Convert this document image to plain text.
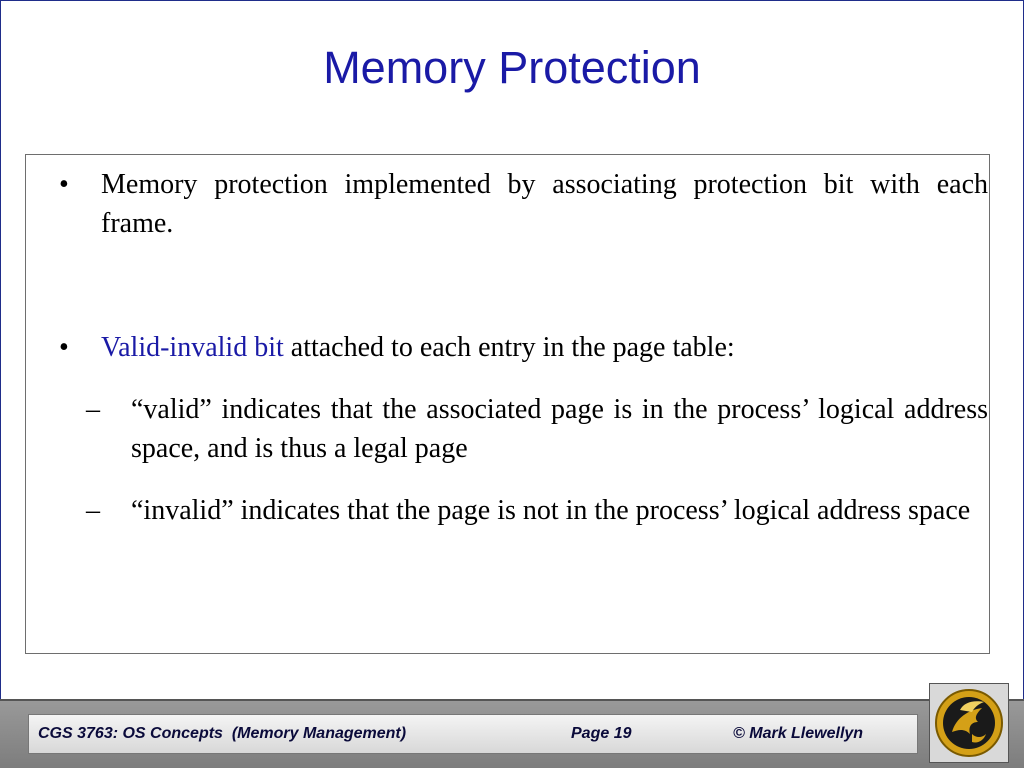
Memory Protection
• Memory protection implemented by associating protection bit with each frame.
• Valid-invalid bit attached to each entry in the page table:
– “valid” indicates that the associated page is in the process’ logical address space, and is thus a legal page
– “invalid” indicates that the page is not in the process’ logical address space
CGS 3763: OS Concepts  (Memory Management)	Page 19	© Mark Llewellyn
